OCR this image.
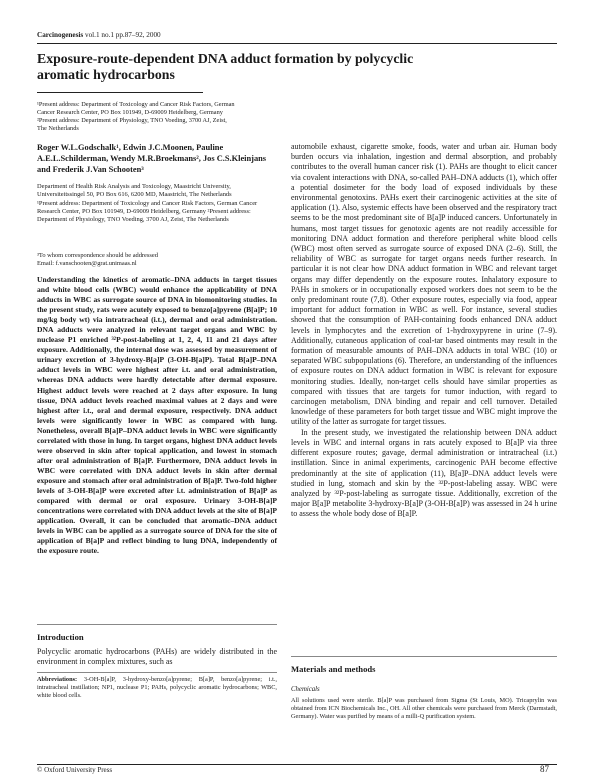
Carcinogenesis vol.1 no.1 pp.87–92, 2000
Exposure-route-dependent DNA adduct formation by polycyclic aromatic hydrocarbons
¹Present address: Department of Toxicology and Cancer Risk Factors, German Cancer Research Center, PO Box 101949, D-69009 Heidelberg, Germany ²Present address: Department of Physiology, TNO Voeding, 3700 AJ, Zeist, The Netherlands
Roger W.L.Godschalk¹, Edwin J.C.Moonen, Pauline A.E.L.Schilderman, Wendy M.R.Broekmans², Jos C.S.Kleinjans and Frederik J.Van Schooten³
Department of Health Risk Analysis and Toxicology, Maastricht University, Universiteitssingel 50, PO Box 616, 6200 MD, Maastricht, The Netherlands
¹Present address: Department of Toxicology and Cancer Risk Factors, German Cancer Research Center, PO Box 101949, D-69009 Heidelberg, Germany ²Present address: Department of Physiology, TNO Voeding, 3700 AJ, Zeist, The Netherlands
³To whom correspondence should be addressed
Email: f.vanschooten@grat.unimaas.nl
Understanding the kinetics of aromatic–DNA adducts in target tissues and white blood cells (WBC) would enhance the applicability of DNA adducts in WBC as surrogate source of DNA in biomonitoring studies. In the present study, rats were acutely exposed to benzo[a]pyrene (B[a]P; 10 mg/kg body wt) via intratracheal (i.t.), dermal and oral administration. DNA adducts were analyzed in relevant target organs and WBC by nuclease P1 enriched ³²P-post-labeling at 1, 2, 4, 11 and 21 days after exposure. Additionally, the internal dose was assessed by measurement of urinary excretion of 3-hydroxy-B[a]P (3-OH-B[a]P). Total B[a]P–DNA adduct levels in WBC were highest after i.t. and oral administration, whereas DNA adducts were hardly detectable after dermal exposure. Highest adduct levels were reached at 2 days after exposure. In lung tissue, DNA adduct levels reached maximal values at 2 days and were highest after i.t., oral and dermal exposure, respectively. DNA adduct levels were significantly lower in WBC as compared with lung. Nonetheless, overall B[a]P–DNA adduct levels in WBC were significantly correlated with those in lung. In target organs, highest DNA adduct levels were observed in skin after topical application, and lowest in stomach after oral administration of B[a]P. Furthermore, DNA adduct levels in WBC were correlated with DNA adduct levels in skin after dermal exposure and stomach after oral administration of B[a]P. Two-fold higher levels of 3-OH-B[a]P were excreted after i.t. administration of B[a]P as compared with dermal or oral exposure. Urinary 3-OH-B[a]P concentrations were correlated with DNA adduct levels at the site of B[a]P application. Overall, it can be concluded that aromatic–DNA adduct levels in WBC can be applied as a surrogate source of DNA for the site of application of B[a]P and reflect binding to lung DNA, independently of the exposure route.
Introduction
Polycyclic aromatic hydrocarbons (PAHs) are widely distributed in the environment in complex mixtures, such as
Abbreviations: 3-OH-B[a]P, 3-hydroxy-benzo[a]pyrene; B[a]P, benzo[a]pyrene; i.t., intratracheal instillation; NP1, nuclease P1; PAHs, polycyclic aromatic hydrocarbons; WBC, white blood cells.

automobile exhaust, cigarette smoke, foods, water and urban air. Human body burden occurs via inhalation, ingestion and dermal absorption, and probably contributes to the overall human cancer risk (1). PAHs are thought to elicit cancer via covalent interactions with DNA, so-called PAH–DNA adducts (1), which offer a potential dosimeter for the body load of exposed individuals by these environmental genotoxins. PAHs exert their carcinogenic activities at the site of application (1). Also, systemic effects have been observed and the respiratory tract seems to be the most predominant site of B[a]P induced cancers. Unfortunately in humans, most target tissues for genotoxic agents are not readily accessible for monitoring DNA adduct formation and therefore peripheral white blood cells (WBC) most often served as surrogate source of exposed DNA (2–6). Still, the reliability of WBC as surrogate for target organs needs further research. In particular it is not clear how DNA adduct formation in WBC and relevant target organs may differ dependently on the exposure routes. Inhalatory exposure to PAHs in smokers or in occupationally exposed workers does not seem to be the only predominant route (7,8). Other exposure routes, especially via food, appear important for adduct formation in WBC as well. For instance, several studies showed that the consumption of PAH-containing foods enhanced DNA adduct levels in lymphocytes and the excretion of 1-hydroxypyrene in urine (7–9). Additionally, cutaneous application of coal-tar based ointments may result in the formation of measurable amounts of PAH–DNA adducts in total WBC (10) or separated WBC subpopulations (6). Therefore, an understanding of the influences of exposure routes on DNA adduct formation in WBC is relevant for exposure monitoring studies. Ideally, non-target cells should have similar properties as compared with tissues that are targets for tumor induction, with regard to carcinogen metabolism, DNA binding and repair and cell turnover. Detailed knowledge of these parameters for both target tissue and WBC might improve the utility of the latter as surrogate for target tissues.

In the present study, we investigated the relationship between DNA adduct levels in WBC and internal organs in rats acutely exposed to B[a]P via three different exposure routes; gavage, dermal administration or intratracheal (i.t.) instillation. Since in animal experiments, carcinogenic PAH become effective predominantly at the site of application (11), B[a]P–DNA adduct levels were studied in lung, stomach and skin by the ³²P-post-labeling assay. WBC were analyzed by ³²P-post-labeling as surrogate tissue. Additionally, excretion of the major B[a]P metabolite 3-hydroxy-B[a]P (3-OH-B[a]P) was assessed in 24 h urine to assess the whole body dose of B[a]P.

Materials and methods
Chemicals
All solutions used were sterile. B[a]P was purchased from Sigma (St Louis, MO). Tricaprylin was obtained from ICN Biochemicals Inc., OH. All other chemicals were purchased from Merck (Darmstadt, Germany). Water was purified by means of a milli-Q purification system.
© Oxford University Press	87
